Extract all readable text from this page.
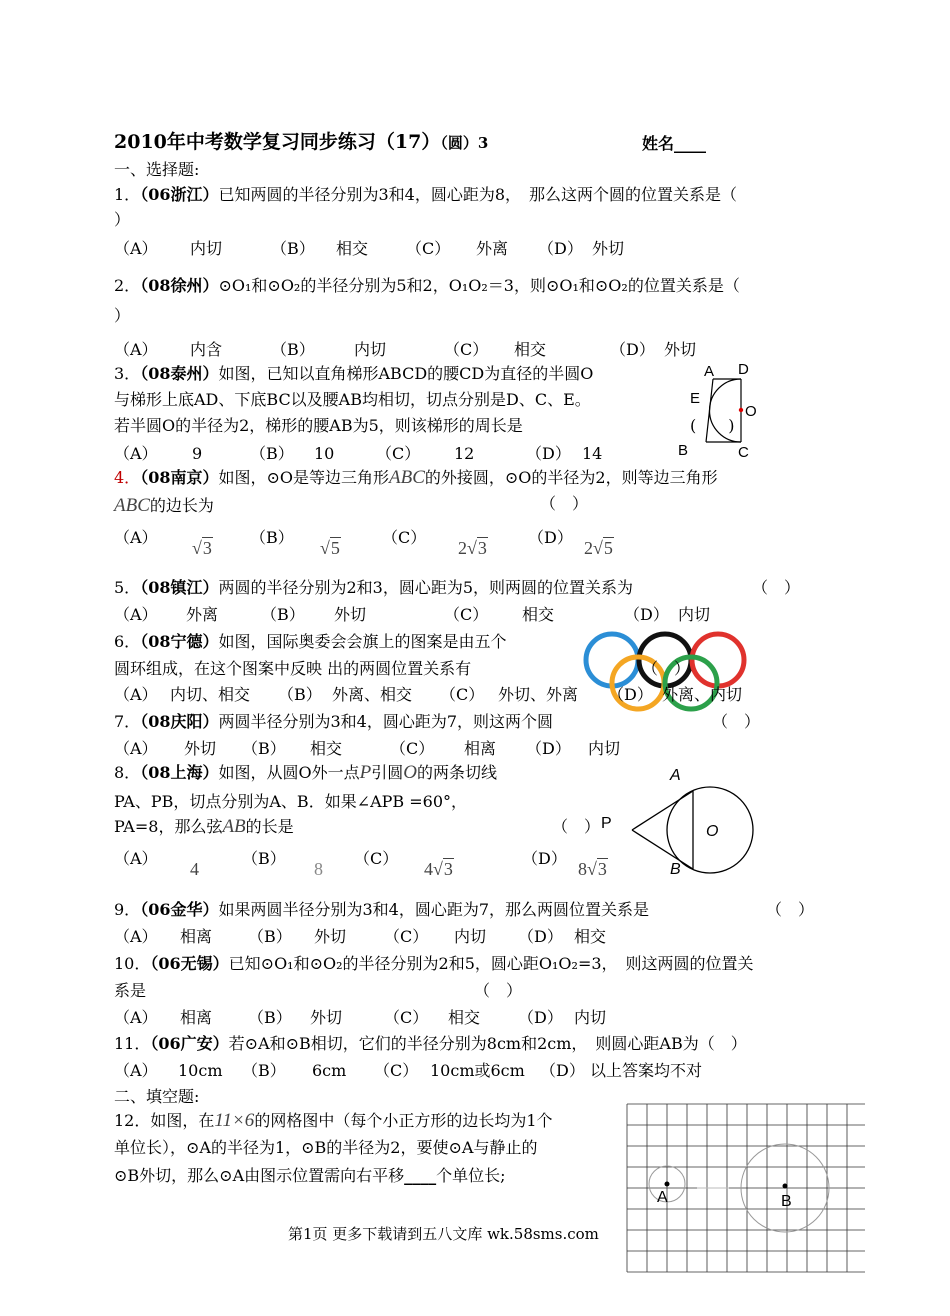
2010年中考数学复习同步练习（17）（圆）3	姓名____
一、选择题:
1．（06浙江）已知两圆的半径分别为3和4，圆心距为8，　那么这两个圆的位置关系是（
）
（A） 内切	（B） 相交 （C） 外离 （D） 外切
2．（08徐州）⊙O₁和⊙O₂的半径分别为5和2，O₁O₂＝3，则⊙O₁和⊙O₂的位置关系是（
）
（A） 内含	（B） 内切	（C） 相交	（D） 外切
3．（08泰州）如图，已知以直角梯形ABCD的腰CD为直径的半圆O
与梯形上底AD、下底BC以及腰AB均相切，切点分别是D、C、E。
若半圆O的半径为2，梯形的腰AB为5，则该梯形的周长是	(　　)
（A） 9	（B） 10	（C） 12	（D） 14
A D
E
O
B	C
4．（08南京）如图，⊙O是等边三角形ABC的外接圆，⊙O的半径为2，则等边三角形
ABC的边长为	（　）
（A）
√3
（B）
√5
（C）
2√3
（D）
2√5
5．（08镇江）两圆的半径分别为2和3，圆心距为5，则两圆的位置关系为	（　）
（A） 外离	（B） 外切	（C） 相交	（D） 内切
6．（08宁德）如图，国际奥委会会旗上的图案是由五个
圆环组成，在这个图案中反映 出的两圆位置关系有	（　）
（A） 内切、相交 （B） 外离、相交 （C） 外切、外离 （D） 外离、内切
7．（08庆阳）两圆半径分别为3和4，圆心距为7，则这两个圆	（　）
（A） 外切 （B） 相交	（C） 相离 （D） 内切
8．（08上海）如图，从圆O外一点P引圆O的两条切线
PA、PB，切点分别为A、B．如果∠APB =60°，
PA=8，那么弦AB的长是	（　）
（A）
4
（B）
8
（C）
4√3
（D）
8√3
A
P	O
B
9．（06金华）如果两圆半径分别为3和4，圆心距为7，那么两圆位置关系是	（　）
（A） 相离 （B） 外切 （C） 内切 （D） 相交
10．（06无锡）已知⊙O₁和⊙O₂的半径分别为2和5，圆心距O₁O₂=3，　则这两圆的位置关
系是	（　）
（A） 相离 （B） 外切	（C） 相交 （D） 内切
11．（06广安）若⊙A和⊙B相切，它们的半径分别为8cm和2cm，　则圆心距AB为（　）
（A） 10cm （B） 6cm （C） 10cm或6cm （D） 以上答案均不对
二、填空题:
12．如图，在11×6的网格图中（每个小正方形的边长均为1个
单位长），⊙A的半径为1，⊙B的半径为2，要使⊙A与静止的
⊙B外切，那么⊙A由图示位置需向右平移____个单位长;
A	B
第1页 更多下载请到五八文库 wk.58sms.com
